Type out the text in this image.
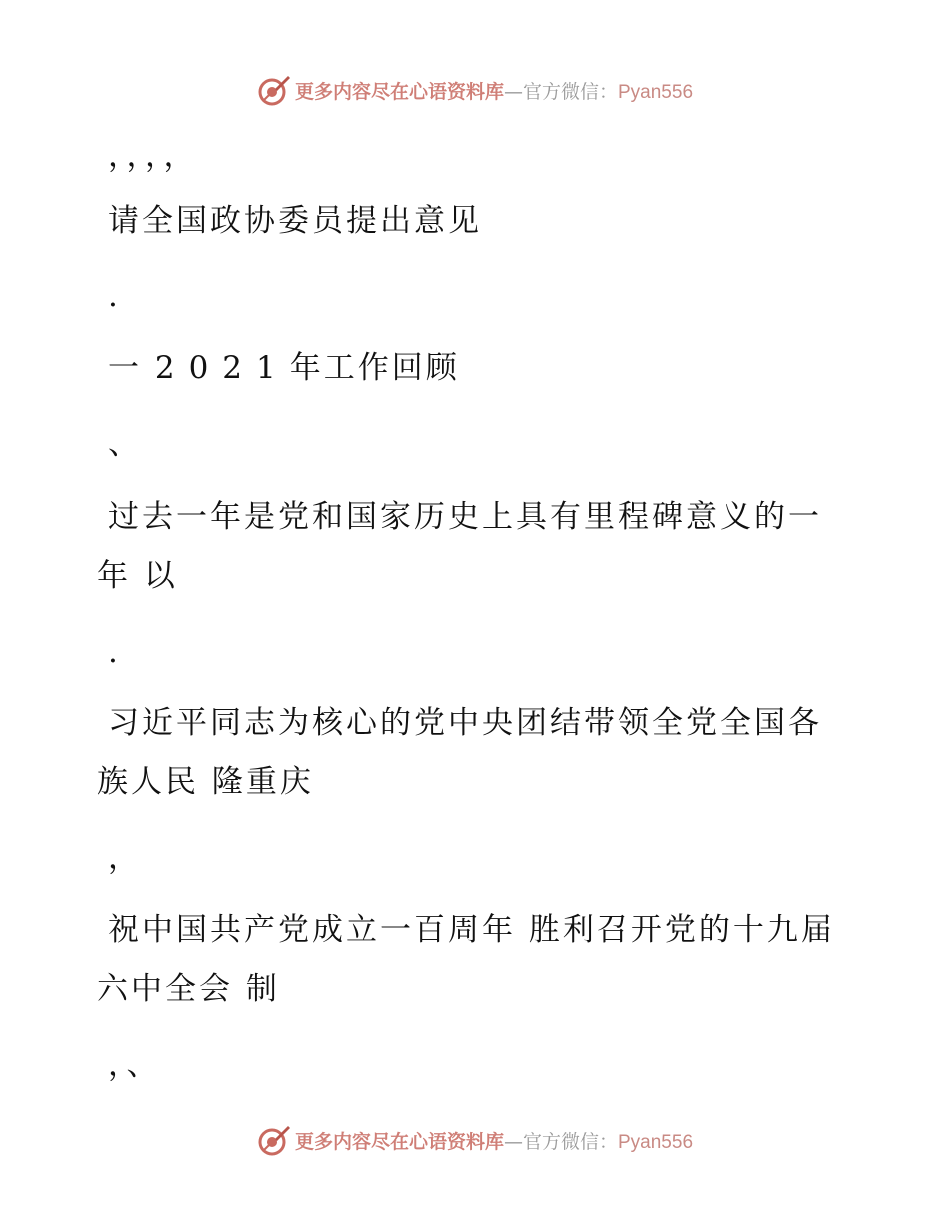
更多内容尽在心语资料库—官方微信：Pyan556
，，，，
请全国政协委员提出意见
.
一 2021年工作回顾
、
过去一年是党和国家历史上具有里程碑意义的一
年 以
.
习近平同志为核心的党中央团结带领全党全国各
族人民 隆重庆
，
祝中国共产党成立一百周年 胜利召开党的十九届
六中全会 制
，、
更多内容尽在心语资料库—官方微信：Pyan556
